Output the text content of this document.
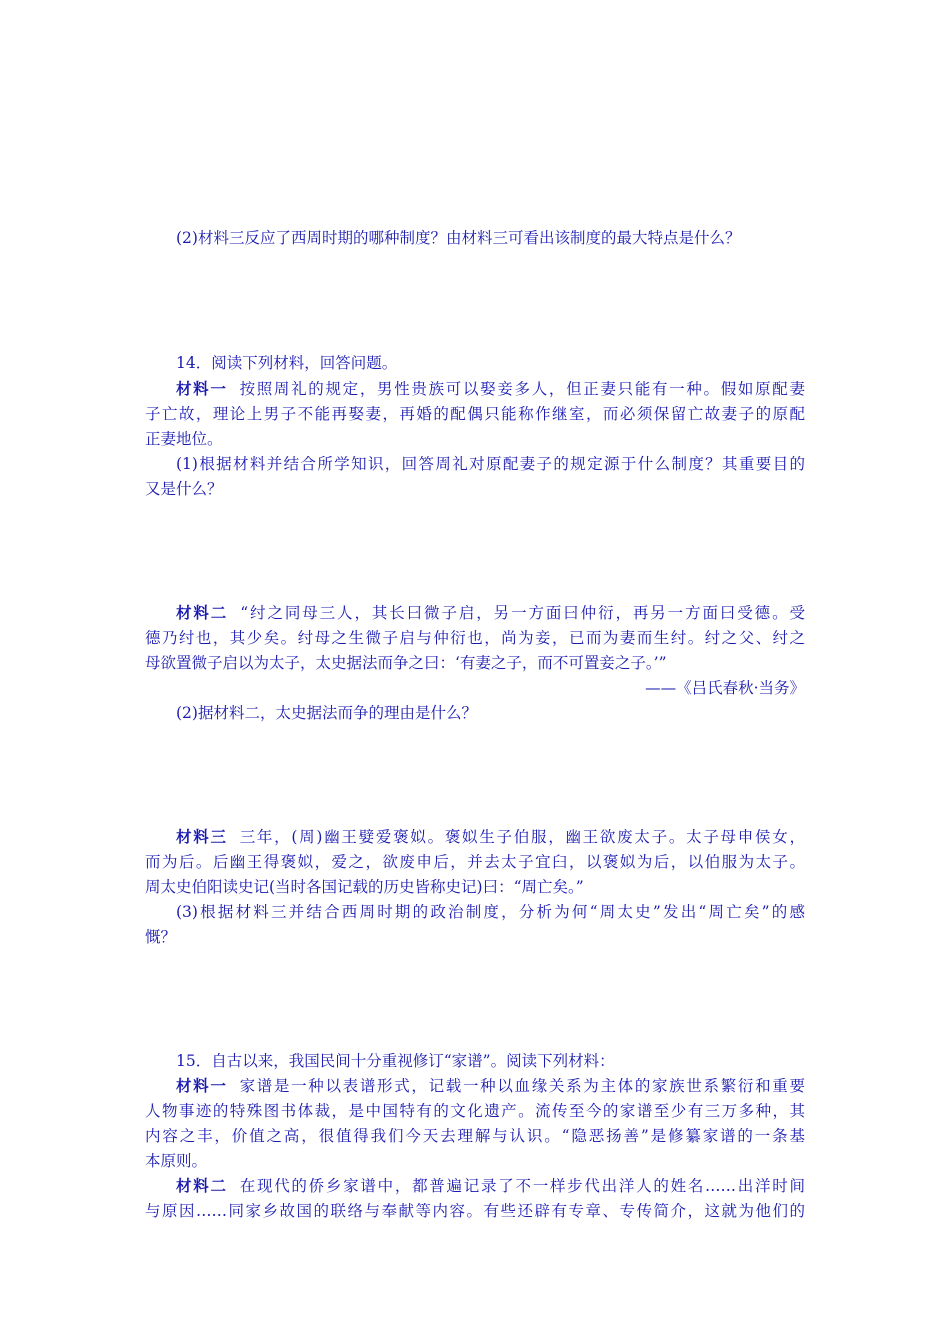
(2)材料三反应了西周时期的哪种制度？由材料三可看出该制度的最大特点是什么？
14．阅读下列材料，回答问题。
材料一 按照周礼的规定，男性贵族可以娶妾多人，但正妻只能有一种。假如原配妻
子亡故，理论上男子不能再娶妻，再婚的配偶只能称作继室，而必须保留亡故妻子的原配
正妻地位。
(1)根据材料并结合所学知识，回答周礼对原配妻子的规定源于什么制度？其重要目的
又是什么？
材料二 “纣之同母三人，其长曰微子启，另一方面曰仲衍，再另一方面曰受德。受
德乃纣也，其少矣。纣母之生微子启与仲衍也，尚为妾，已而为妻而生纣。纣之父、纣之
母欲置微子启以为太子，太史据法而争之曰：‘有妻之子，而不可置妾之子。’”
——《吕氏春秋·当务》
(2)据材料二，太史据法而争的理由是什么？
材料三 三年，(周)幽王嬖爱褒姒。褒姒生子伯服，幽王欲废太子。太子母申侯女，
而为后。后幽王得褒姒，爱之，欲废申后，并去太子宜臼，以褒姒为后，以伯服为太子。
周太史伯阳读史记(当时各国记载的历史皆称史记)曰：“周亡矣。”
(3)根据材料三并结合西周时期的政治制度，分析为何“周太史”发出“周亡矣”的感
慨？
15．自古以来，我国民间十分重视修订“家谱”。阅读下列材料：
材料一 家谱是一种以表谱形式，记载一种以血缘关系为主体的家族世系繁衍和重要
人物事迹的特殊图书体裁，是中国特有的文化遗产。流传至今的家谱至少有三万多种，其
内容之丰，价值之高，很值得我们今天去理解与认识。“隐恶扬善”是修纂家谱的一条基
本原则。
材料二 在现代的侨乡家谱中，都普遍记录了不一样步代出洋人的姓名……出洋时间
与原因……同家乡故国的联络与奉献等内容。有些还辟有专章、专传简介，这就为他们的
